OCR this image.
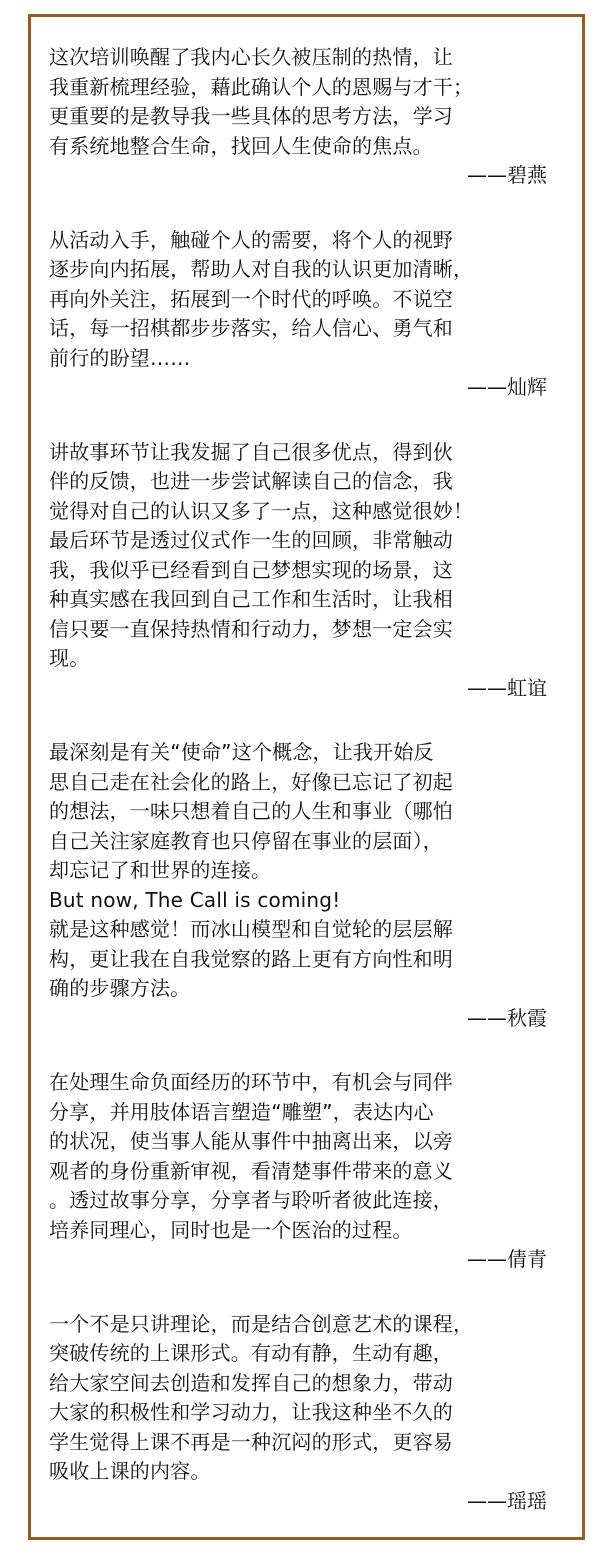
这次培训唤醒了我内心长久被压制的热情，让
我重新梳理经验，藉此确认个人的恩赐与才干；
更重要的是教导我一些具体的思考方法，学习
有系统地整合生命，找回人生使命的焦点。

——碧燕

从活动入手，触碰个人的需要，将个人的视野
逐步向内拓展，帮助人对自我的认识更加清晰，
再向外关注，拓展到一个时代的呼唤。不说空
话，每一招棋都步步落实，给人信心、勇气和
前行的盼望……

——灿辉

讲故事环节让我发掘了自己很多优点，得到伙
伴的反馈，也进一步尝试解读自己的信念，我
觉得对自己的认识又多了一点，这种感觉很妙！
最后环节是透过仪式作一生的回顾，非常触动
我，我似乎已经看到自己梦想实现的场景，这
种真实感在我回到自己工作和生活时，让我相
信只要一直保持热情和行动力，梦想一定会实
现。

——虹谊

最深刻是有关“使命”这个概念，让我开始反
思自己走在社会化的路上，好像已忘记了初起
的想法，一味只想着自己的人生和事业（哪怕
自己关注家庭教育也只停留在事业的层面），
却忘记了和世界的连接。
But now, The Call is coming!
就是这种感觉！而冰山模型和自觉轮的层层解
构，更让我在自我觉察的路上更有方向性和明
确的步骤方法。

——秋霞

在处理生命负面经历的环节中，有机会与同伴
分享，并用肢体语言塑造“雕塑”，表达内心
的状况，使当事人能从事件中抽离出来，以旁
观者的身份重新审视，看清楚事件带来的意义
。透过故事分享，分享者与聆听者彼此连接，
培养同理心，同时也是一个医治的过程。

——倩青

一个不是只讲理论，而是结合创意艺术的课程，
突破传统的上课形式。有动有静，生动有趣，
给大家空间去创造和发挥自己的想象力，带动
大家的积极性和学习动力，让我这种坐不久的
学生觉得上课不再是一种沉闷的形式，更容易
吸收上课的内容。

——瑶瑶
